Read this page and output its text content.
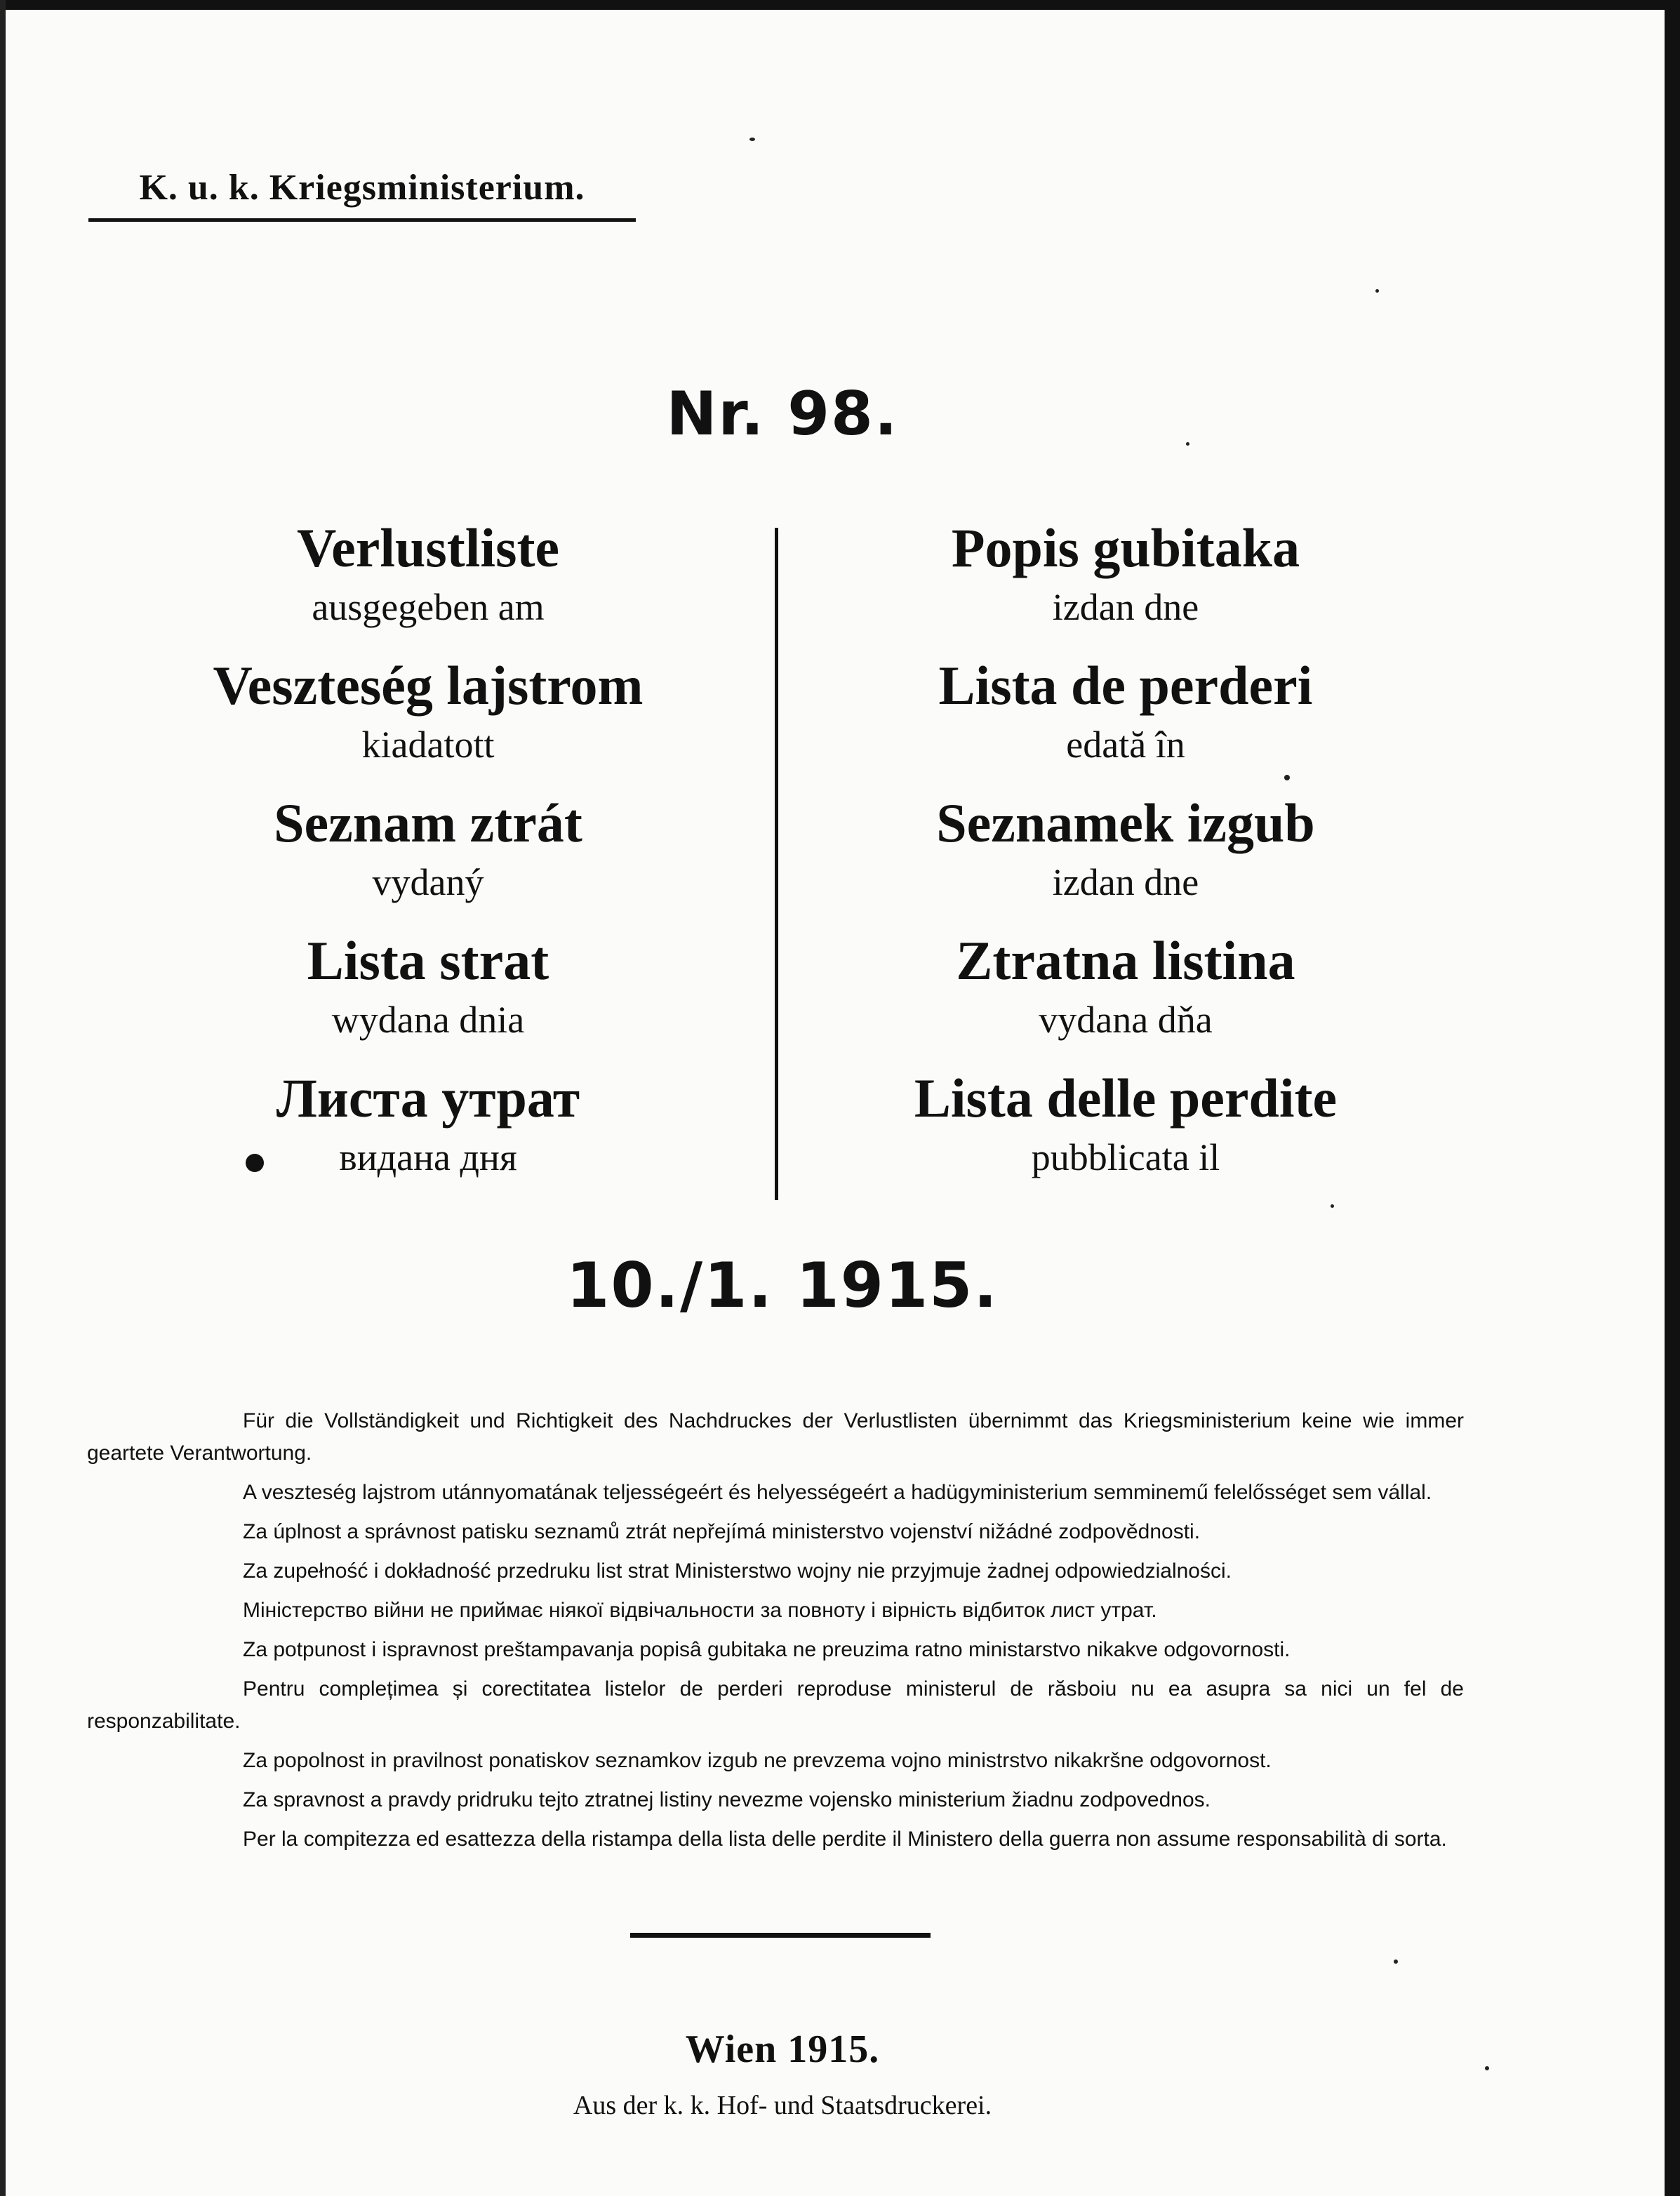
K. u. k. Kriegsministerium.
Nr. 98.
Verlustliste
ausgegeben am
Veszteség lajstrom
kiadatott
Seznam ztrát
vydaný
Lista strat
wydana dnia
Лиcта утрат
видана дня
Popis gubitaka
izdan dne
Lista de perderi
edată în
Seznamek izgub
izdan dne
Ztratna listina
vydana dňa
Lista delle perdite
pubblicata il
10./1. 1915.

Für die Vollständigkeit und Richtigkeit des Nachdruckes der Verlustlisten übernimmt das Kriegsministerium keine wie immer geartete Verantwortung.

A veszteség lajstrom utánnyomatának teljességeért és helyességeért a hadügyministerium semminemű felelősséget sem vállal.

Za úplnost a správnost patisku seznamů ztrát nepřejímá ministerstvo vojenství nižádné zodpovědnosti.

Za zupełność i dokładność przedruku list strat Ministerstwo wojny nie przyjmuje żadnej odpowiedzialności.

Міністерство війни не приймає ніякої відвічальности за повноту і вірність відбиток лист утрат.

Za potpunost i ispravnost preštampavanja popisâ gubitaka ne preuzima ratno ministarstvo nikakve odgovornosti.

Pentru complețimea și corectitatea listelor de perderi reproduse ministerul de răsboiu nu ea asupra sa nici un fel de responzabilitate.

Za popolnost in pravilnost ponatiskov seznamkov izgub ne prevzema vojno ministrstvo nikakršne odgovornost.

Za spravnost a pravdy pridruku tejto ztratnej listiny nevezme vojensko ministerium žiadnu zodpovednos.

Per la compitezza ed esattezza della ristampa della lista delle perdite il Ministero della guerra non assume responsabilità di sorta.

Wien 1915.
Aus der k. k. Hof- und Staatsdruckerei.
